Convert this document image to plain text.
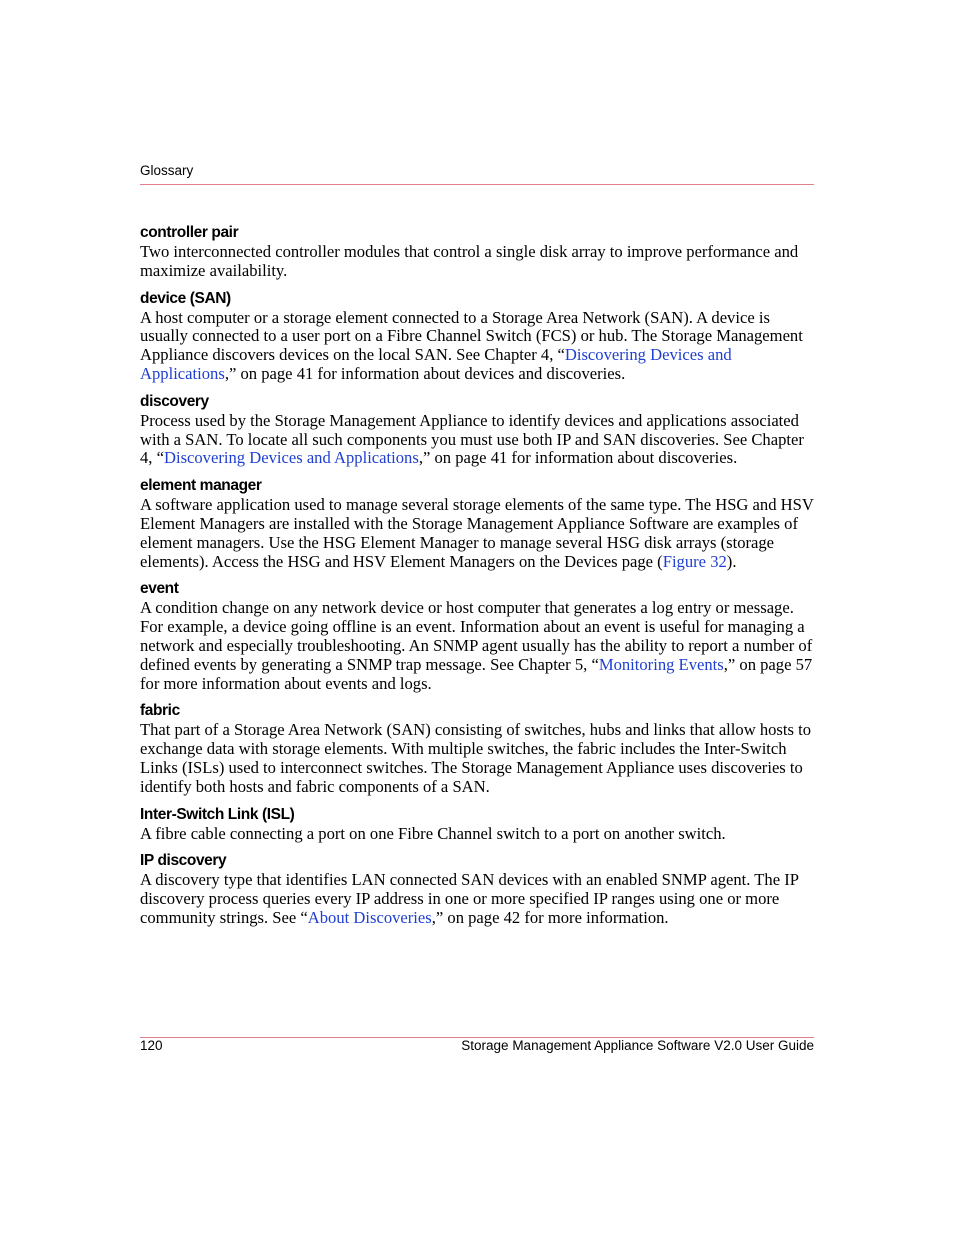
Glossary

controller pair

Two interconnected controller modules that control a single disk array to improve performance and maximize availability.

device (SAN)

A host computer or a storage element connected to a Storage Area Network (SAN). A device is usually connected to a user port on a Fibre Channel Switch (FCS) or hub. The Storage Management Appliance discovers devices on the local SAN. See Chapter 4, “Discovering Devices and Applications,” on page 41 for information about devices and discoveries.

discovery

Process used by the Storage Management Appliance to identify devices and applications associated with a SAN. To locate all such components you must use both IP and SAN discoveries. See Chapter 4, “Discovering Devices and Applications,” on page 41 for information about discoveries.

element manager

A software application used to manage several storage elements of the same type. The HSG and HSV Element Managers are installed with the Storage Management Appliance Software are examples of element managers. Use the HSG Element Manager to manage several HSG disk arrays (storage elements). Access the HSG and HSV Element Managers on the Devices page (Figure 32).

event

A condition change on any network device or host computer that generates a log entry or message. For example, a device going offline is an event. Information about an event is useful for managing a network and especially troubleshooting. An SNMP agent usually has the ability to report a number of defined events by generating a SNMP trap message. See Chapter 5, “Monitoring Events,” on page 57 for more information about events and logs.

fabric

That part of a Storage Area Network (SAN) consisting of switches, hubs and links that allow hosts to exchange data with storage elements. With multiple switches, the fabric includes the Inter-Switch Links (ISLs) used to interconnect switches. The Storage Management Appliance uses discoveries to identify both hosts and fabric components of a SAN.

Inter-Switch Link (ISL)

A fibre cable connecting a port on one Fibre Channel switch to a port on another switch.

IP discovery

A discovery type that identifies LAN connected SAN devices with an enabled SNMP agent. The IP discovery process queries every IP address in one or more specified IP ranges using one or more community strings. See “About Discoveries,” on page 42 for more information.

120	Storage Management Appliance Software V2.0 User Guide
